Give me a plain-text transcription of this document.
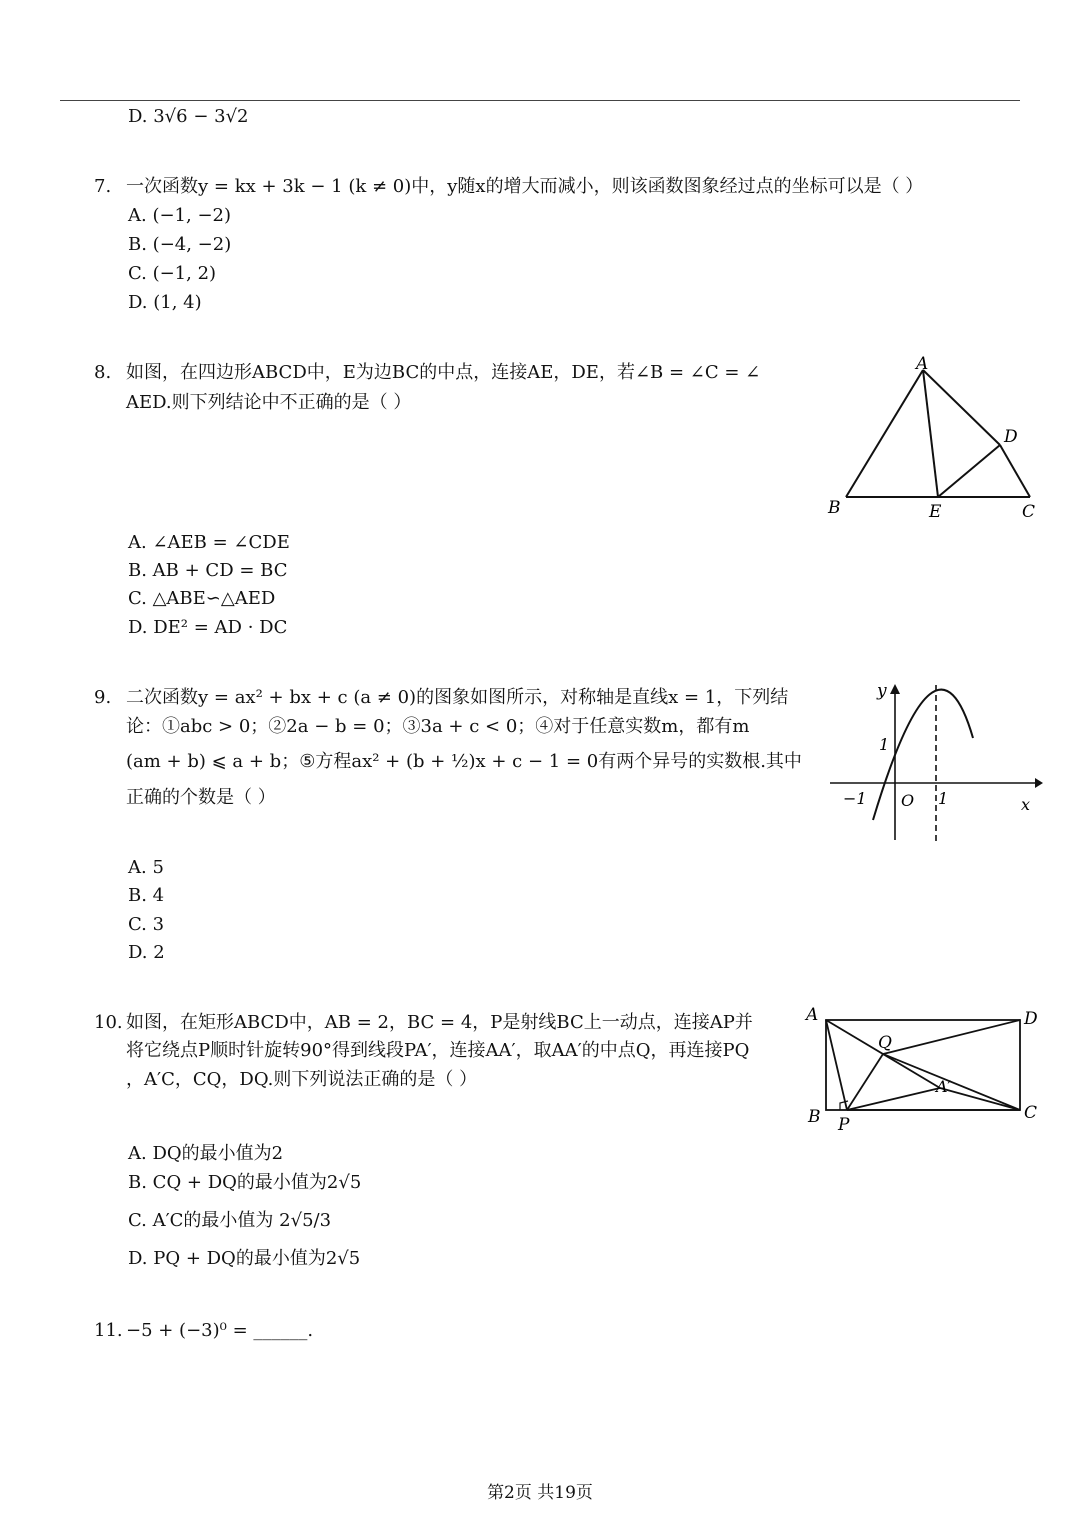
D. 3√6 − 3√2
7. 一次函数y = kx + 3k − 1 (k ≠ 0)中，y随x的增大而减小，则该函数图象经过点的坐标可以是（ ）
A. (−1, −2)
B. (−4, −2)
C. (−1, 2)
D. (1, 4)
8. 如图，在四边形ABCD中，E为边BC的中点，连接AE，DE，若∠B = ∠C = ∠
AED.则下列结论中不正确的是（ ）
A
B	E	C
D
A. ∠AEB = ∠CDE
B. AB + CD = BC
C. △ABE∽△AED
D. DE² = AD · DC
9. 二次函数y = ax² + bx + c (a ≠ 0)的图象如图所示，对称轴是直线x = 1，下列结
论：①abc > 0；②2a − b = 0；③3a + c < 0；④对于任意实数m，都有m
(am + b) ⩽ a + b；⑤方程ax² + (b + ½)x + c − 1 = 0有两个异号的实数根.其中
正确的个数是（ ）
y
x
1
−1 O 1
A. 5
B. 4
C. 3
D. 2
10. 如图，在矩形ABCD中，AB = 2，BC = 4，P是射线BC上一动点，连接AP并
将它绕点P顺时针旋转90°得到线段PA′，连接AA′，取AA′的中点Q，再连接PQ
，A′C，CQ，DQ.则下列说法正确的是（ ）
A	D
B P
C
Q
A′
A. DQ的最小值为2
B. CQ + DQ的最小值为2√5
C. A′C的最小值为 2√5/3
D. PQ + DQ的最小值为2√5
11. −5 + (−3)⁰ = ______.
第2页 共19页
